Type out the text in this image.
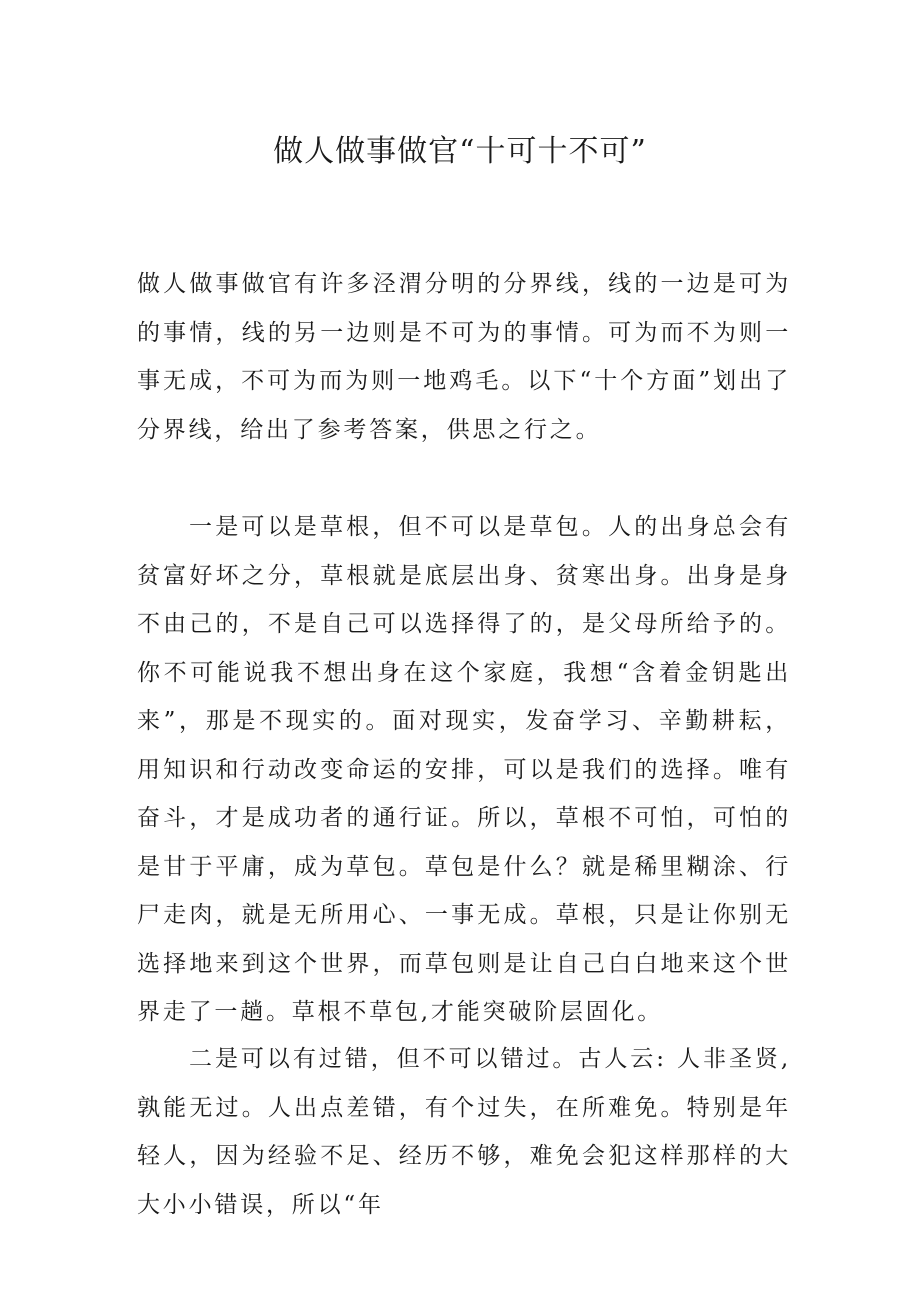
做人做事做官“十可十不可”

做人做事做官有许多泾渭分明的分界线，线的一边是可为的事情，线的另一边则是不可为的事情。可为而不为则一事无成，不可为而为则一地鸡毛。以下“十个方面”划出了分界线，给出了参考答案，供思之行之。

一是可以是草根，但不可以是草包。人的出身总会有贫富好坏之分，草根就是底层出身、贫寒出身。出身是身不由己的，不是自己可以选择得了的，是父母所给予的。你不可能说我不想出身在这个家庭，我想“含着金钥匙出来”，那是不现实的。面对现实，发奋学习、辛勤耕耘，用知识和行动改变命运的安排，可以是我们的选择。唯有奋斗，才是成功者的通行证。所以，草根不可怕，可怕的是甘于平庸，成为草包。草包是什么？就是稀里糊涂、行尸走肉，就是无所用心、一事无成。草根，只是让你别无选择地来到这个世界，而草包则是让自己白白地来这个世界走了一趟。草根不草包,才能突破阶层固化。

二是可以有过错，但不可以错过。古人云: 人非圣贤,孰能无过。人出点差错，有个过失，在所难免。特别是年轻人，因为经验不足、经历不够，难免会犯这样那样的大大小小错误，所以“年
